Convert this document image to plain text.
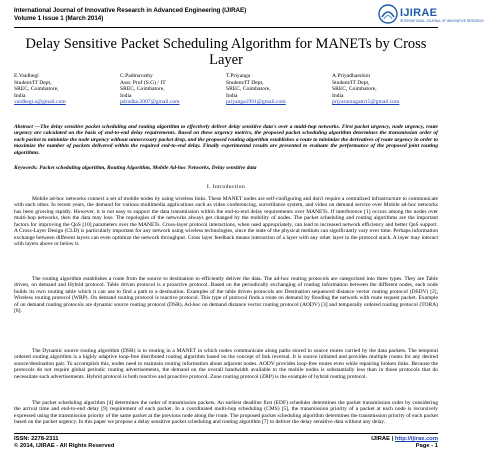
International Journal of Innovative Research in Advanced Engineering (IJIRAE)
Volume 1 Issue 1 (March 2014)	IJIRAE
INTERNATIONAL JOURNAL OF INNOVATIVE RESEARCH
Delay Sensitive Packet Scheduling Algorithm for MANETs by Cross Layer
E.Vaidhegi
Student/IT Dept,
SREC, Coimbatore,
India
vaidhegi.s@gmail.com
C.Padmavathy
Asst. Prof (S.G) / IT
SREC, Coimbatore,
India
pdradha.2007@gmail.com
T.Priyanga
Student/IT Dept,
SREC, Coimbatore,
India
priyanga1991@gmail.com
A.Priyadharshini
Student/IT Dept,
SREC, Coimbatore,
India
priyarumugam15@gmail.com
Abstract —The delay sensitive packet scheduling and routing algorithm to effectively deliver delay sensitive data's over a multi-hop networks. First packet urgency, node urgency, route urgency are calculated on the basis of end-to-end delay requirements. Based on these urgency metrics, the proposed packet scheduling algorithm determines the transmission order of each packet to minimize the node urgency without unnecessary packet drop, and the proposed routing algorithm establishes a route to minimize the derivatives of route urgency in order to maximize the number of packets delivered within the required end-to-end delay. Finally experimental results are presented to evaluate the performance of the proposed joint routing algorithms.
Keywords: Packet scheduling algorithm, Routing Algorithm, Mobile Ad-hoc Networks, Delay sensitive data
I. Introduction
Mobile ad-hoc networks connect a set of mobile nodes by using wireless links. These MANET nodes are self-configuring and don't require a centralized infrastructure to communicate with each other. In recent years, the demand for various multimedia applications such as video conferencing, surveillance system, and video on demand service over Mobile ad-hoc networks has been growing rapidly. However, it is not easy to support the data transmission within the end-to-end delay requirements over MANETs. If interference [1] occurs among the nodes over multi-hop networks, then the data may lose. The topologies of the networks always get changed by the mobility of nodes. The packet scheduling and routing algorithms are the important factors for improving the QoS [10] parameters over the MANETs. Cross-layer protocol interactions, when used appropriately, can lead to increased network efficiency and better QoS support. A Cross-Layer Design (CLD) is particularly important for any network using wireless technologies, since the state of the physical medium can significantly vary over time. Perhaps information exchange between different layers can even optimize the network throughput. Cross layer feedback means interaction of a layer with any other layer in the protocol stack. A layer may interact with layers above or below it.
The routing algorithm establishes a route from the source to destination to efficiently deliver the data. The ad-hoc routing protocols are categorized into three types. They are Table driven, on demand and Hybrid protocol. Table driven protocol is a proactive protocol. Based on the periodically exchanging of routing information between the different nodes, each node builds its own routing table which it can use to find a path to a destination. Examples of the table driven protocols are Destination sequenced distance vector routing protocol (DSDV) [2], Wireless routing protocol (WRP). On demand routing protocol is reactive protocol. This type of protocol finds a route on demand by flooding the network with route request packet. Example of on demand routing protocols are dynamic source routing protocol (DSR), Ad-hoc on demand distance vector routing protocol (AODV) [3] and temporally ordered routing protocol (TORA) [8].
The Dynamic source routing algorithm (DSR) is to routing in a MANET in which nodes communicate along paths stored in source routes carried by the data packets. The temporal ordered routing algorithm is a highly adaptive loop-free distributed routing algorithm based on the concept of link reversal. It is source initiated and provides multiple routes for any desired source/destination pair. To accomplish this, nodes need to maintain routing information about adjacent nodes. AODV provides loop-free routes even while repairing broken links. Because the protocols do not require global periodic routing advertisements, the demand on the overall bandwidth available to the mobile nodes is substantially less than in those protocols that do necessitate such advertisements. Hybrid protocol is both reactive and proactive protocol. Zone routing protocol (ZRP) is the example of hybrid routing protocol.
The packet scheduling algorithm [4] determines the order of transmission packets. An earliest deadline first (EDF) scheduler determines the packet transmission order by considering the arrival time and end-to-end delay [9] requirement of each packet. In a coordinated multi-hop scheduling (CMS) [5], the transmission priority of a packet at each node is recursively expressed using the transmission priority of the same packet at the previous node along the route. The proposed packet scheduling algorithm determines the transmission priority of each packet based on the packet urgency. In this paper we propose a delay sensitive packet scheduling and routing algorithm [7] to deliver the delay sensitive data without any delay.
ISSN: 2278-2311
© 2014, IJIRAE - All Rights Reserved
IJIRAE | http://ijirae.com
Page - 1
